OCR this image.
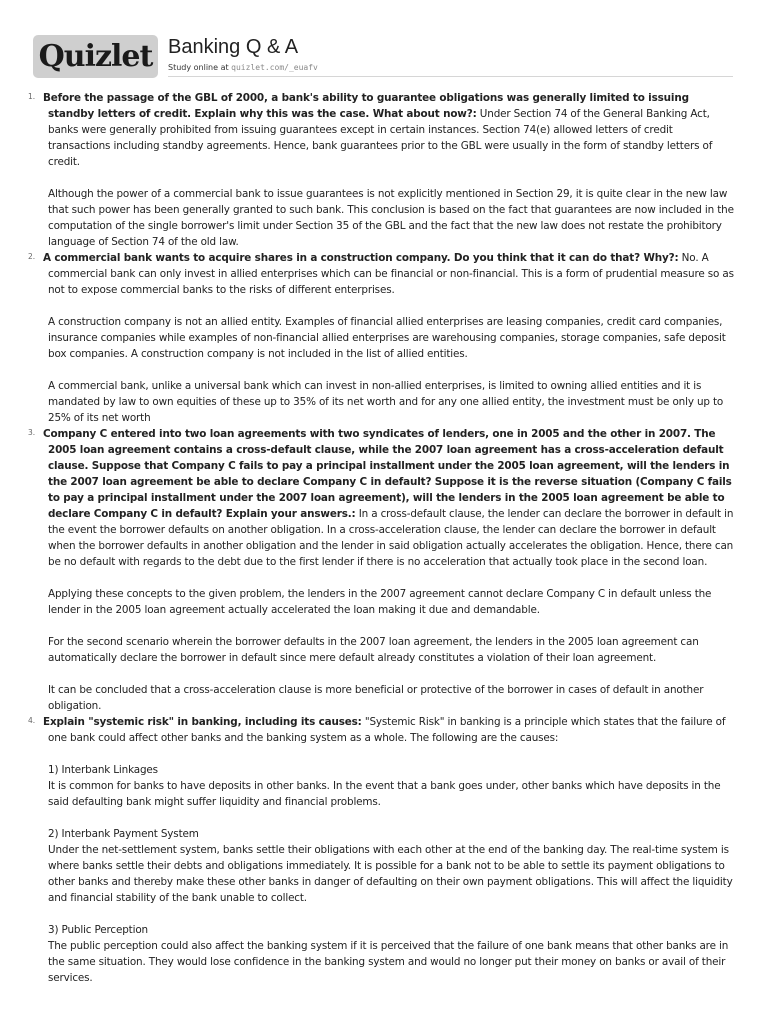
Quizlet Banking Q & A
Study online at quizlet.com/_euafv
1. Before the passage of the GBL of 2000, a bank's ability to guarantee obligations was generally limited to issuing standby letters of credit. Explain why this was the case. What about now?: Under Section 74 of the General Banking Act, banks were generally prohibited from issuing guarantees except in certain instances. Section 74(e) allowed letters of credit transactions including standby agreements. Hence, bank guarantees prior to the GBL were usually in the form of standby letters of credit.

Although the power of a commercial bank to issue guarantees is not explicitly mentioned in Section 29, it is quite clear in the new law that such power has been generally granted to such bank. This conclusion is based on the fact that guarantees are now included in the computation of the single borrower's limit under Section 35 of the GBL and the fact that the new law does not restate the prohibitory language of Section 74 of the old law.

2. A commercial bank wants to acquire shares in a construction company. Do you think that it can do that? Why?: No. A commercial bank can only invest in allied enterprises which can be financial or non-financial. This is a form of prudential measure so as not to expose commercial banks to the risks of different enterprises.

A construction company is not an allied entity. Examples of financial allied enterprises are leasing companies, credit card companies, insurance companies while examples of non-financial allied enterprises are warehousing companies, storage companies, safe deposit box companies. A construction company is not included in the list of allied entities.

A commercial bank, unlike a universal bank which can invest in non-allied enterprises, is limited to owning allied entities and it is mandated by law to own equities of these up to 35% of its net worth and for any one allied entity, the investment must be only up to 25% of its net worth

3. Company C entered into two loan agreements with two syndicates of lenders, one in 2005 and the other in 2007. The 2005 loan agreement contains a cross-default clause, while the 2007 loan agreement has a cross-acceleration default clause. Suppose that Company C fails to pay a principal installment under the 2005 loan agreement, will the lenders in the 2007 loan agreement be able to declare Company C in default? Suppose it is the reverse situation (Company C fails to pay a principal installment under the 2007 loan agreement), will the lenders in the 2005 loan agreement be able to declare Company C in default? Explain your answers.: In a cross-default clause, the lender can declare the borrower in default in the event the borrower defaults on another obligation. In a cross-acceleration clause, the lender can declare the borrower in default when the borrower defaults in another obligation and the lender in said obligation actually accelerates the obligation. Hence, there can be no default with regards to the debt due to the first lender if there is no acceleration that actually took place in the second loan.

Applying these concepts to the given problem, the lenders in the 2007 agreement cannot declare Company C in default unless the lender in the 2005 loan agreement actually accelerated the loan making it due and demandable.

For the second scenario wherein the borrower defaults in the 2007 loan agreement, the lenders in the 2005 loan agreement can automatically declare the borrower in default since mere default already constitutes a violation of their loan agreement.

It can be concluded that a cross-acceleration clause is more beneficial or protective of the borrower in cases of default in another obligation.

4. Explain "systemic risk" in banking, including its causes: "Systemic Risk" in banking is a principle which states that the failure of one bank could affect other banks and the banking system as a whole. The following are the causes:

1) Interbank Linkages
It is common for banks to have deposits in other banks. In the event that a bank goes under, other banks which have deposits in the said defaulting bank might suffer liquidity and financial problems.

2) Interbank Payment System
Under the net-settlement system, banks settle their obligations with each other at the end of the banking day. The real-time system is where banks settle their debts and obligations immediately. It is possible for a bank not to be able to settle its payment obligations to other banks and thereby make these other banks in danger of defaulting on their own payment obligations. This will affect the liquidity and financial stability of the bank unable to collect.

3) Public Perception
The public perception could also affect the banking system if it is perceived that the failure of one bank means that other banks are in the same situation. They would lose confidence in the banking system and would no longer put their money on banks or avail of their services.
